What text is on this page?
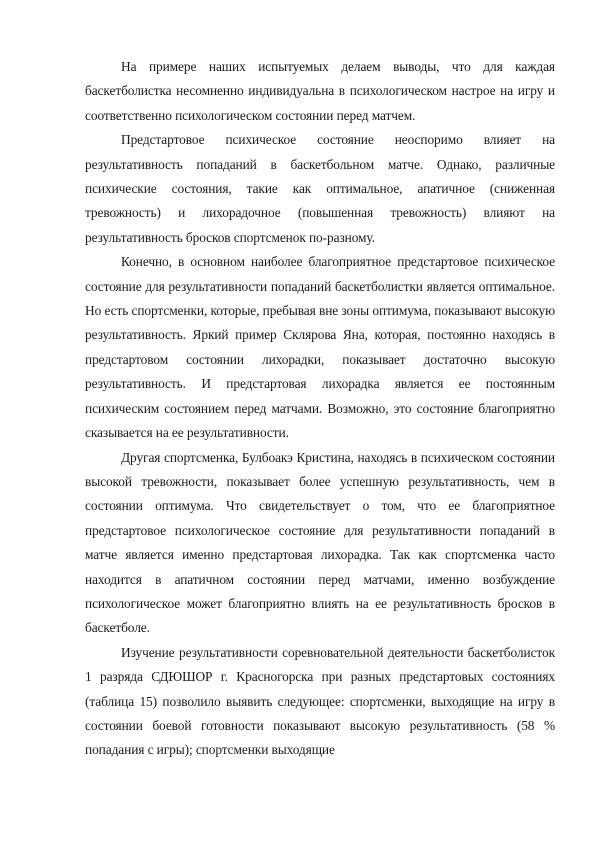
На примере наших испытуемых делаем выводы, что для каждая баскетболистка несомненно индивидуальна в психологическом настрое на игру и соответственно психологическом состоянии перед матчем.

Предстартовое психическое состояние неоспоримо влияет на результативность попаданий в баскетбольном матче. Однако, различные психические состояния, такие как оптимальное, апатичное (сниженная тревожность) и лихорадочное (повышенная тревожность) влияют на результативность бросков спортсменок по-разному.

Конечно, в основном наиболее благоприятное предстартовое психическое состояние для результативности попаданий баскетболистки является оптимальное. Но есть спортсменки, которые, пребывая вне зоны оптимума, показывают высокую результативность. Яркий пример Склярова Яна, которая, постоянно находясь в предстартовом состоянии лихорадки, показывает достаточно высокую результативность. И предстартовая лихорадка является ее постоянным психическим состоянием перед матчами. Возможно, это состояние благоприятно сказывается на ее результативности.

Другая спортсменка, Булбоакэ Кристина, находясь в психическом состоянии высокой тревожности, показывает более успешную результативность, чем в состоянии оптимума. Что свидетельствует о том, что ее благоприятное предстартовое психологическое состояние для результативности попаданий в матче является именно предстартовая лихорадка. Так как спортсменка часто находится в апатичном состоянии перед матчами, именно возбуждение психологическое может благоприятно влиять на ее результативность бросков в баскетболе.

Изучение результативности соревновательной деятельности баскетболисток 1 разряда СДЮШОР г. Красногорска при разных предстартовых состояниях (таблица 15) позволило выявить следующее: спортсменки, выходящие на игру в состоянии боевой готовности показывают высокую результативность (58 % попадания с игры); спортсменки выходящие
